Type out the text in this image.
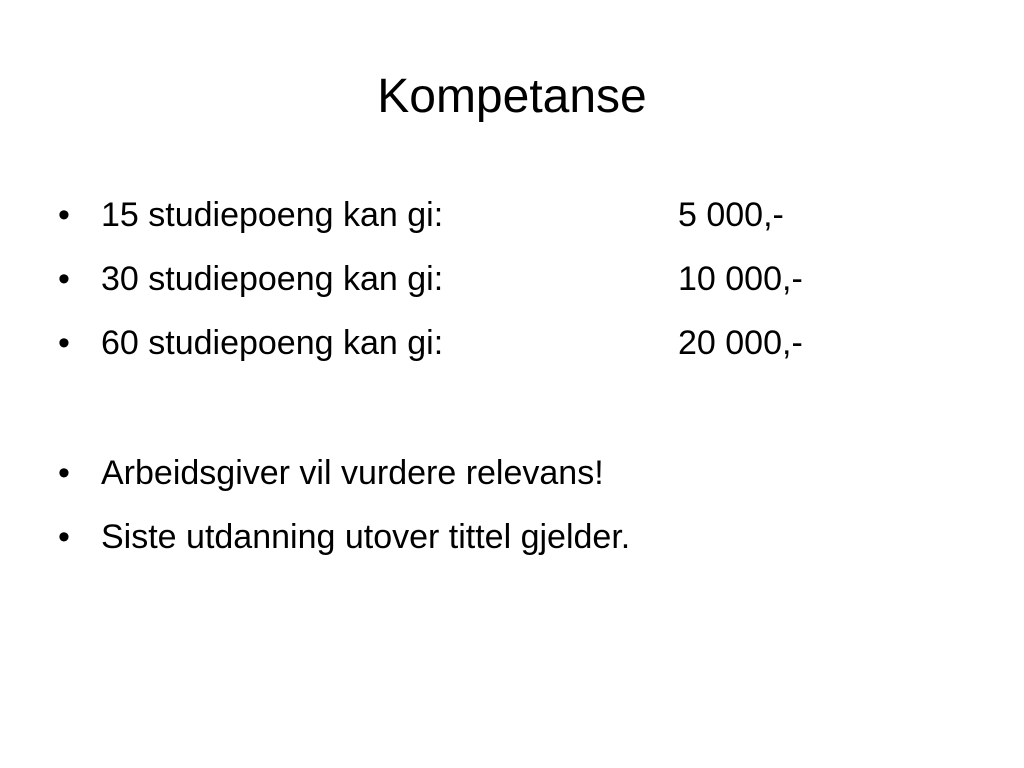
Kompetanse
• 15 studiepoeng kan gi:	5 000,-
• 30 studiepoeng kan gi:	10 000,-
• 60 studiepoeng kan gi:	20 000,-
• Arbeidsgiver vil vurdere relevans!
• Siste utdanning utover tittel gjelder.
